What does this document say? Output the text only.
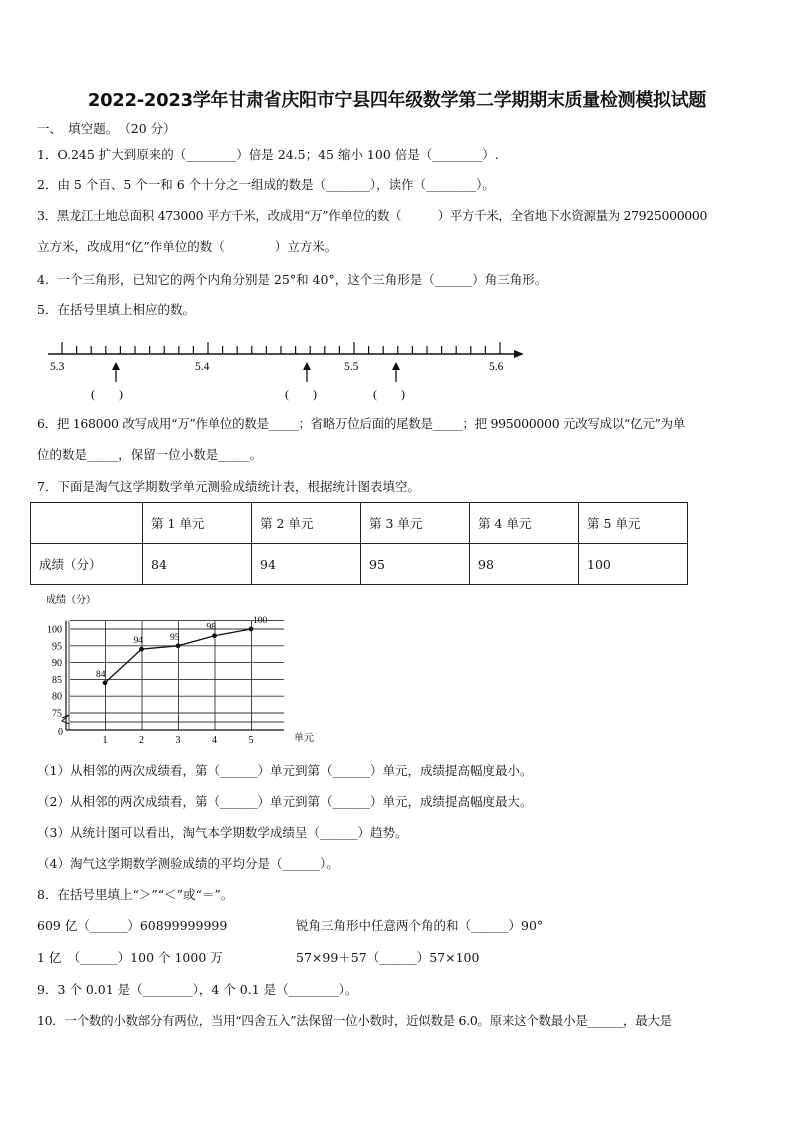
2022-2023学年甘肃省庆阳市宁县四年级数学第二学期期末质量检测模拟试题
一、　填空题。　（20 分）
1．O.245 扩大到原来的（________）倍是 24.5；45 缩小 100 倍是（________）.
2．由 5 个百、5 个一和 6 个十分之一组成的数是（_______），读作（________）。
3．黑龙江土地总面积 473000 平方千米，改成用“万”作单位的数（　　　）平方千米，全省地下水资源量为 27925000000
立方米，改成用“亿”作单位的数（　　　　）立方米。
4．一个三角形，已知它的两个内角分别是 25°和 40°，这个三角形是（______）角三角形。
5．在括号里填上相应的数。
5.3	5.4	5.5	5.6
(　　)	(　　)	(　　)
6．把 168000 改写成用“万”作单位的数是_____；省略万位后面的尾数是_____；把 995000000 元改写成以“亿元”为单
位的数是_____，保留一位小数是_____。
7．下面是淘气这学期数学单元测验成绩统计表，根据统计图表填空。
	第 1 单元	第 2 单元	第 3 单元	第 4 单元	第 5 单元
成绩（分）	84	94	95	98	100
成绩（分）
单元
0
75
80
85
90
95
100
1	2	3	4	5
84
94	95
98
100
（1）从相邻的两次成绩看，第（______）单元到第（______）单元，成绩提高幅度最小。
（2）从相邻的两次成绩看，第（______）单元到第（______）单元，成绩提高幅度最大。
（3）从统计图可以看出，淘气本学期数学成绩呈（______）趋势。
（4）淘气这学期数学测验成绩的平均分是（______）。
8．在括号里填上“＞”“＜”或“＝”。
609 亿（______）60899999999	锐角三角形中任意两个角的和（______）90°
1 亿　（______）100 个 1000 万	57×99＋57（______）57×100
9．3 个 0.01 是（________），4 个 0.1 是（________）。
10．一个数的小数部分有两位，当用“四舍五入”法保留一位小数时，近似数是 6.0。原来这个数最小是______，最大是
